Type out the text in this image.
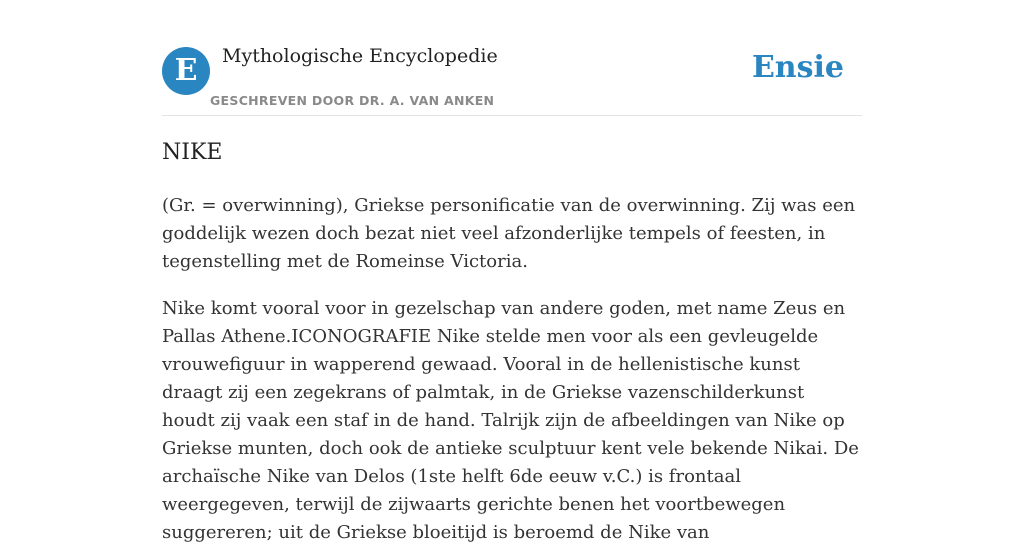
E	Mythologische Encyclopedie
GESCHREVEN DOOR DR. A. VAN ANKEN
Ensie
NIKE

(Gr. = overwinning), Griekse personificatie van de overwinning. Zij was een goddelijk wezen doch bezat niet veel afzonderlijke tempels of feesten, in tegenstelling met de Romeinse Victoria.

Nike komt vooral voor in gezelschap van andere goden, met name Zeus en Pallas Athene.ICONOGRAFIE Nike stelde men voor als een gevleugelde vrouwefiguur in wapperend gewaad. Vooral in de hellenistische kunst draagt zij een zegekrans of palmtak, in de Griekse vazenschilderkunst houdt zij vaak een staf in de hand. Talrijk zijn de afbeeldingen van Nike op Griekse munten, doch ook de antieke sculptuur kent vele bekende Nikai. De archaïsche Nike van Delos (1ste helft 6de eeuw v.C.) is frontaal weergegeven, terwijl de zijwaarts gerichte benen het voortbewegen suggereren; uit de Griekse bloeitijd is beroemd de Nike van
